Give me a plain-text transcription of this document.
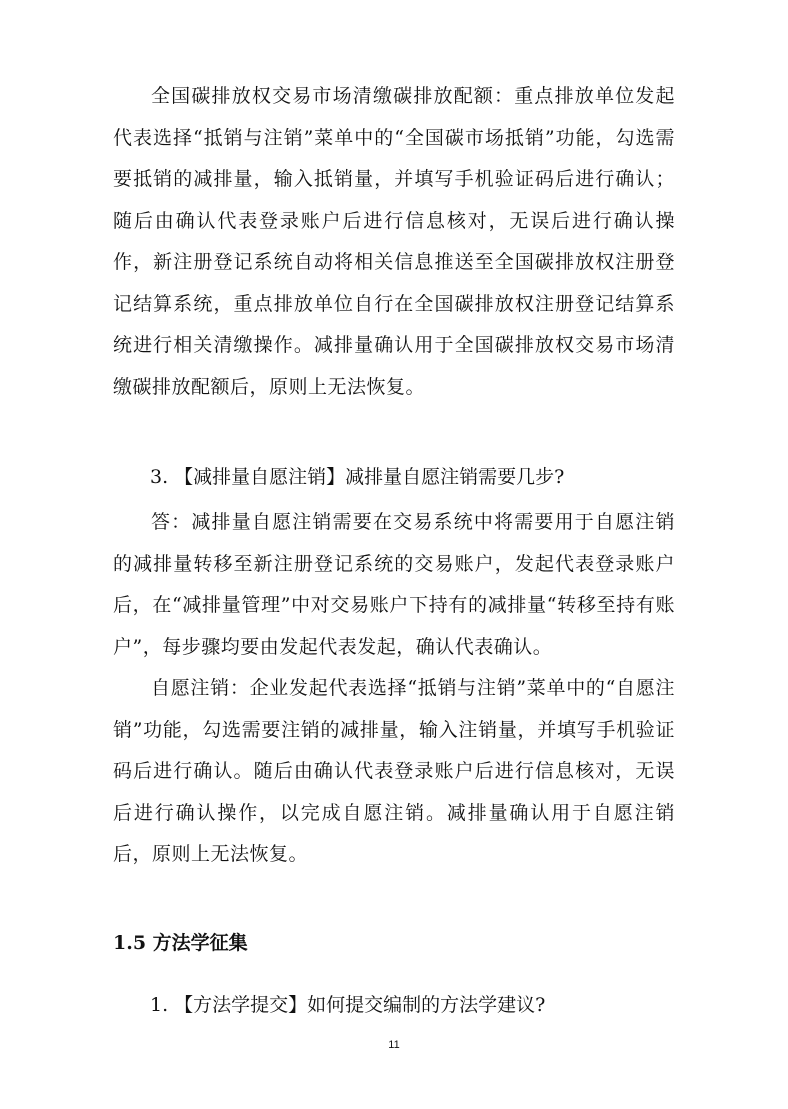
全国碳排放权交易市场清缴碳排放配额：重点排放单位发起代表选择“抵销与注销”菜单中的“全国碳市场抵销”功能，勾选需要抵销的减排量，输入抵销量，并填写手机验证码后进行确认；随后由确认代表登录账户后进行信息核对，无误后进行确认操作，新注册登记系统自动将相关信息推送至全国碳排放权注册登记结算系统，重点排放单位自行在全国碳排放权注册登记结算系统进行相关清缴操作。减排量确认用于全国碳排放权交易市场清缴碳排放配额后，原则上无法恢复。

3. 【减排量自愿注销】减排量自愿注销需要几步?

答：减排量自愿注销需要在交易系统中将需要用于自愿注销的减排量转移至新注册登记系统的交易账户，发起代表登录账户后，在“减排量管理”中对交易账户下持有的减排量“转移至持有账户”，每步骤均要由发起代表发起，确认代表确认。

自愿注销：企业发起代表选择“抵销与注销”菜单中的“自愿注销”功能，勾选需要注销的减排量，输入注销量，并填写手机验证码后进行确认。随后由确认代表登录账户后进行信息核对，无误后进行确认操作，以完成自愿注销。减排量确认用于自愿注销后，原则上无法恢复。

1.5 方法学征集

1. 【方法学提交】如何提交编制的方法学建议?

11
